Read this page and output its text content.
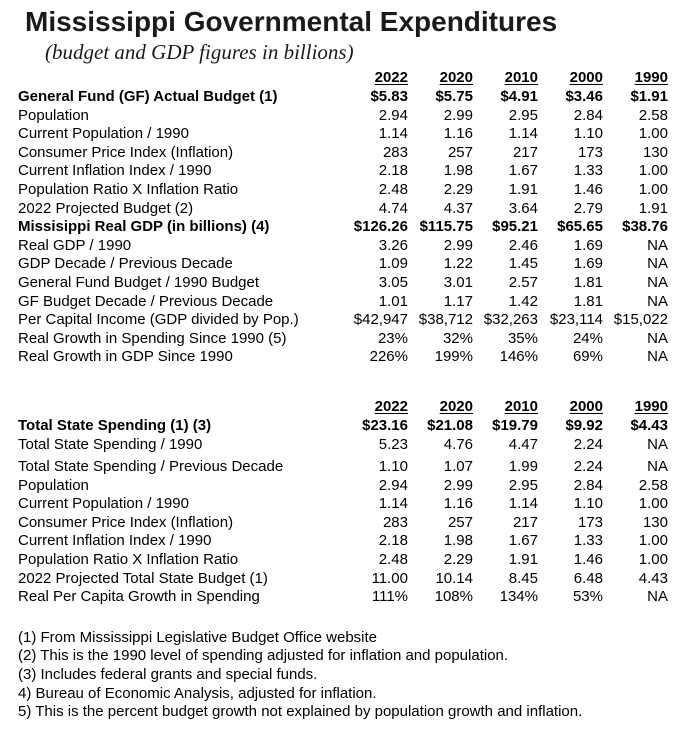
Mississippi Governmental Expenditures
(budget and GDP figures in billions)
2022	2020	2010	2000	1990
General Fund (GF) Actual Budget (1)	$5.83	$5.75	$4.91	$3.46	$1.91
Population	2.94	2.99	2.95	2.84	2.58
Current Population / 1990	1.14	1.16	1.14	1.10	1.00
Consumer Price Index (Inflation)	283	257	217	173	130
Current Inflation Index / 1990	2.18	1.98	1.67	1.33	1.00
Population Ratio X Inflation Ratio	2.48	2.29	1.91	1.46	1.00
2022 Projected Budget (2)	4.74	4.37	3.64	2.79	1.91
Missisippi Real GDP (in billions) (4)	$126.26 $115.75	$95.21	$65.65	$38.76
Real GDP / 1990	3.26	2.99	2.46	1.69	NA
GDP Decade / Previous Decade	1.09	1.22	1.45	1.69	NA
General Fund Budget / 1990 Budget	3.05	3.01	2.57	1.81	NA
GF Budget Decade / Previous Decade	1.01	1.17	1.42	1.81	NA
Per Capital Income (GDP divided by Pop.)	$42,947 $38,712 $32,263 $23,114 $15,022
Real Growth in Spending Since 1990 (5)	23%	32%	35%	24%	NA
Real Growth in GDP Since 1990	226%	199%	146%	69%	NA
2022	2020	2010	2000	1990
Total State Spending (1) (3)	$23.16	$21.08	$19.79	$9.92	$4.43
Total State Spending / 1990	5.23	4.76	4.47	2.24	NA
Total State Spending / Previous Decade	1.10	1.07	1.99	2.24	NA
Population	2.94	2.99	2.95	2.84	2.58
Current Population / 1990	1.14	1.16	1.14	1.10	1.00
Consumer Price Index (Inflation)	283	257	217	173	130
Current Inflation Index / 1990	2.18	1.98	1.67	1.33	1.00
Population Ratio X Inflation Ratio	2.48	2.29	1.91	1.46	1.00
2022 Projected Total State Budget (1)	11.00	10.14	8.45	6.48	4.43
Real Per Capita Growth in Spending	111%	108%	134%	53%	NA
(1) From Mississippi Legislative Budget Office website
(2) This is the 1990 level of spending adjusted for inflation and population.
(3) Includes federal grants and special funds.
4) Bureau of Economic Analysis, adjusted for inflation.
5) This is the percent budget growth not explained by population growth and inflation.
